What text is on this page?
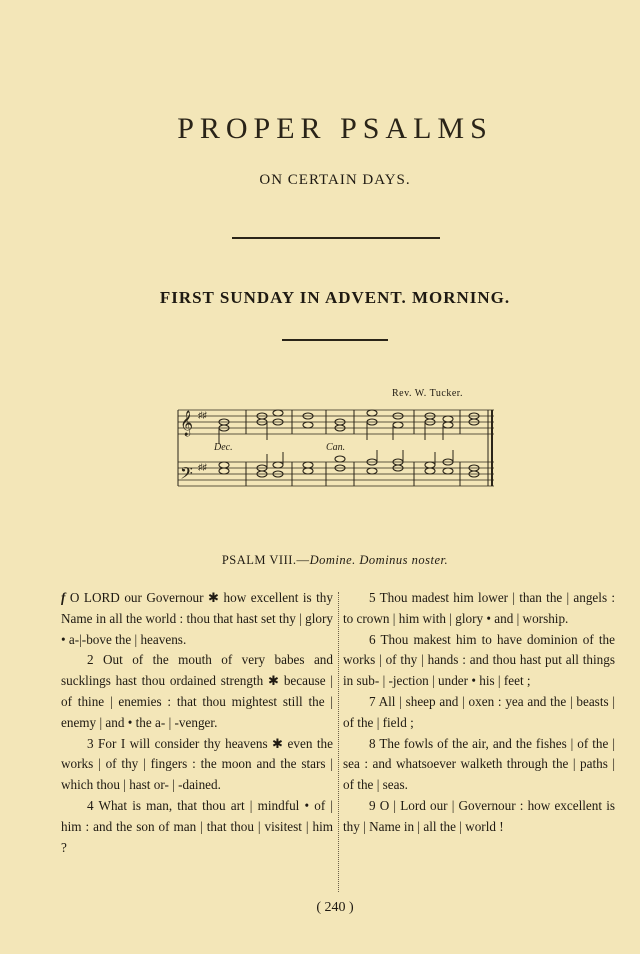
PROPER PSALMS
ON CERTAIN DAYS.
FIRST SUNDAY IN ADVENT. MORNING.
Rev. W. Tucker.
𝄞
𝄢
♯♯
♯♯
Dec.	Can.
PSALM VIII.—Domine. Dominus noster.

f O LORD our Governour ✱ how excellent is thy Name in all the world : thou that hast set thy | glory • a-|-bove the | heavens.

2 Out of the mouth of very babes and sucklings hast thou ordained strength ✱ because | of thine | enemies : that thou mightest still the | enemy | and • the a- | -venger.

3 For I will consider thy heavens ✱ even the works | of thy | fingers : the moon and the stars | which thou | hast or- | -dained.

4 What is man, that thou art | mindful • of | him : and the son of man | that thou | visitest | him ?

5 Thou madest him lower | than the | angels : to crown | him with | glory • and | worship.

6 Thou makest him to have dominion of the works | of thy | hands : and thou hast put all things in sub- | -jection | under • his | feet ;

7 All | sheep and | oxen : yea and the | beasts | of the | field ;

8 The fowls of the air, and the fishes | of the | sea : and whatsoever walketh through the | paths | of the | seas.

9 O | Lord our | Governour : how excellent is thy | Name in | all the | world !

( 240 )
